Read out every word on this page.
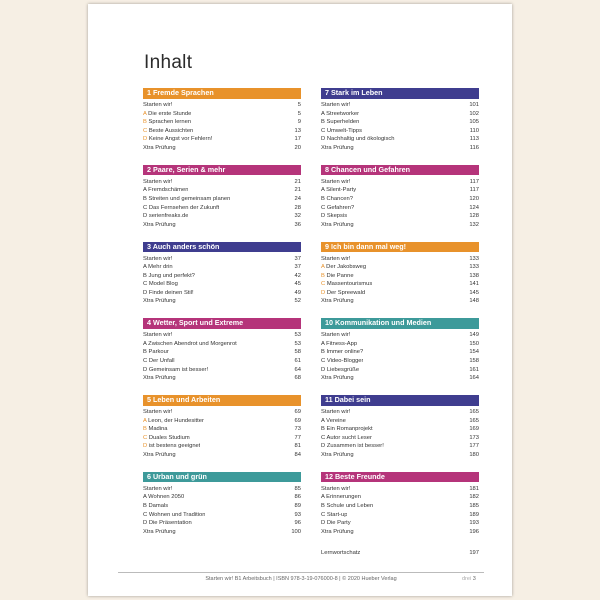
Inhalt
1 Fremde Sprachen
Starten wir!	5
A Die erste Stunde	5
B Sprachen lernen	9
C Beste Aussichten	13
D Keine Angst vor Fehlern!	17
Xtra Prüfung	20
2 Paare, Serien & mehr
Starten wir!	21
A Fremdschämen	21
B Streiten und gemeinsam planen	24
C Das Fernsehen der Zukunft	28
D serienfreaks.de	32
Xtra Prüfung	36
3 Auch anders schön
Starten wir!	37
A Mehr drin	37
B Jung und perfekt?	42
C Model Blog	45
D Finde deinen Stil!	49
Xtra Prüfung	52
4 Wetter, Sport und Extreme
Starten wir!	53
A Zwischen Abendrot und Morgenrot	53
B Parkour	58
C Der Unfall	61
D Gemeinsam ist besser!	64
Xtra Prüfung	68
5 Leben und Arbeiten
Starten wir!	69
A Leon, der Hundesitter	69
B Madina	73
C Duales Studium	77
D ist bestens geeignet	81
Xtra Prüfung	84
6 Urban und grün
Starten wir!	85
A Wohnen 2050	86
B Damals	89
C Wohnen und Tradition	93
D Die Präsentation	96
Xtra Prüfung	100
7 Stark im Leben
Starten wir!	101
A Streetworker	102
B Superhelden	105
C Umwelt-Tipps	110
D Nachhaltig und ökologisch	113
Xtra Prüfung	116
8 Chancen und Gefahren
Starten wir!	117
A Silent-Party	117
B Chancen?	120
C Gefahren?	124
D Skepsis	128
Xtra Prüfung	132
9 Ich bin dann mal weg!
Starten wir!	133
A Der Jakobsweg	133
B Die Panne	138
C Massentourismus	141
D Der Spreewald	145
Xtra Prüfung	148
10 Kommunikation und Medien
Starten wir!	149
A Fitness-App	150
B Immer online?	154
C Video-Blogger	158
D Liebesgrüße	161
Xtra Prüfung	164
11 Dabei sein
Starten wir!	165
A Vereine	165
B Ein Romanprojekt	169
C Autor sucht Leser	173
D Zusammen ist besser!	177
Xtra Prüfung	180
12 Beste Freunde
Starten wir!	181
A Erinnerungen	182
B Schule und Leben	185
C Start-up	189
D Die Party	193
Xtra Prüfung	196
Lernwortschatz	197
Starten wir! B1 Arbeitsbuch | ISBN 978-3-19-076000-8 | © 2020 Hueber Verlag	drei 3
